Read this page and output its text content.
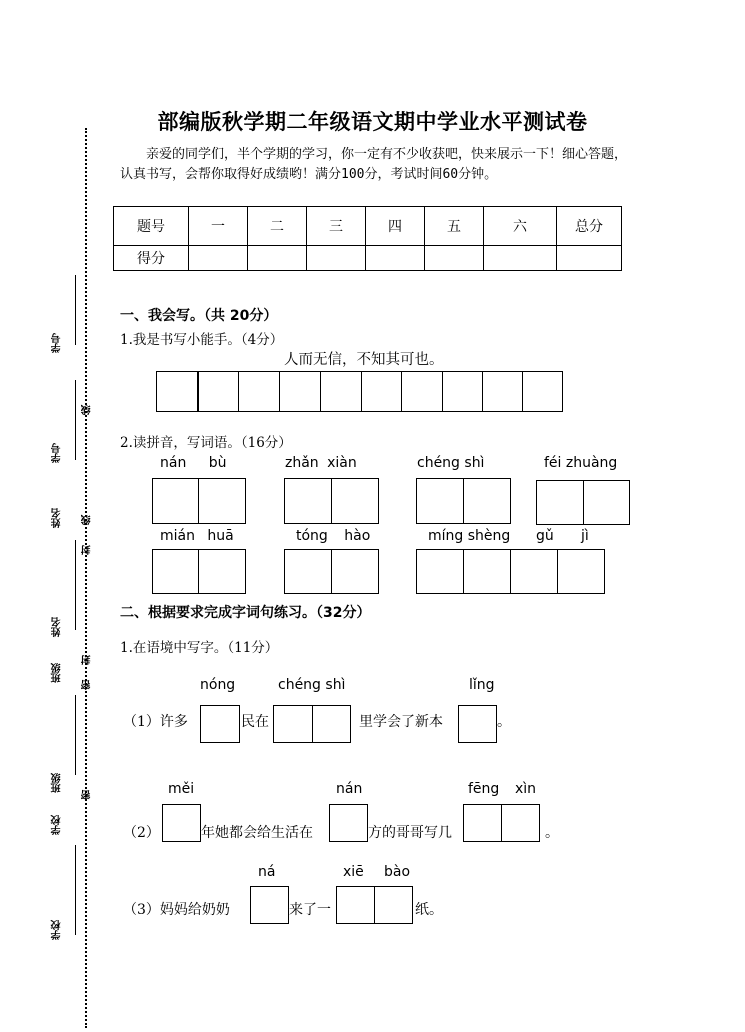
学号
学号
姓名
姓名
班级
班级
学校
学校
线
线
封
封
密
密
部编版秋学期二年级语文期中学业水平测试卷
亲爱的同学们，半个学期的学习，你一定有不少收获吧，快来展示一下！细心答题，认真书写，会帮你取得好成绩哟！满分100分，考试时间60分钟。
题号	一	二	三	四	五	六	总分
得分							
一、我会写。（共 20分）
1.我是书写小能手。（4分）
人而无信，不知其可也。
2.读拼音，写词语。（16分）
nán bù	zhǎn xiàn	chéng shì	féi zhuàng
mián huā	tóng hào	míng shèng gǔ jì
二、根据要求完成字词句练习。（32分）
1.在语境中写字。（11分）
nóng	chéng shì	lǐng
（1）许多	民在	里学会了新本	。
měi	nán	fēng xìn
（2）	年她都会给生活在	方的哥哥写几	。
ná	xiē bào
（3）妈妈给奶奶	来了一	纸。
